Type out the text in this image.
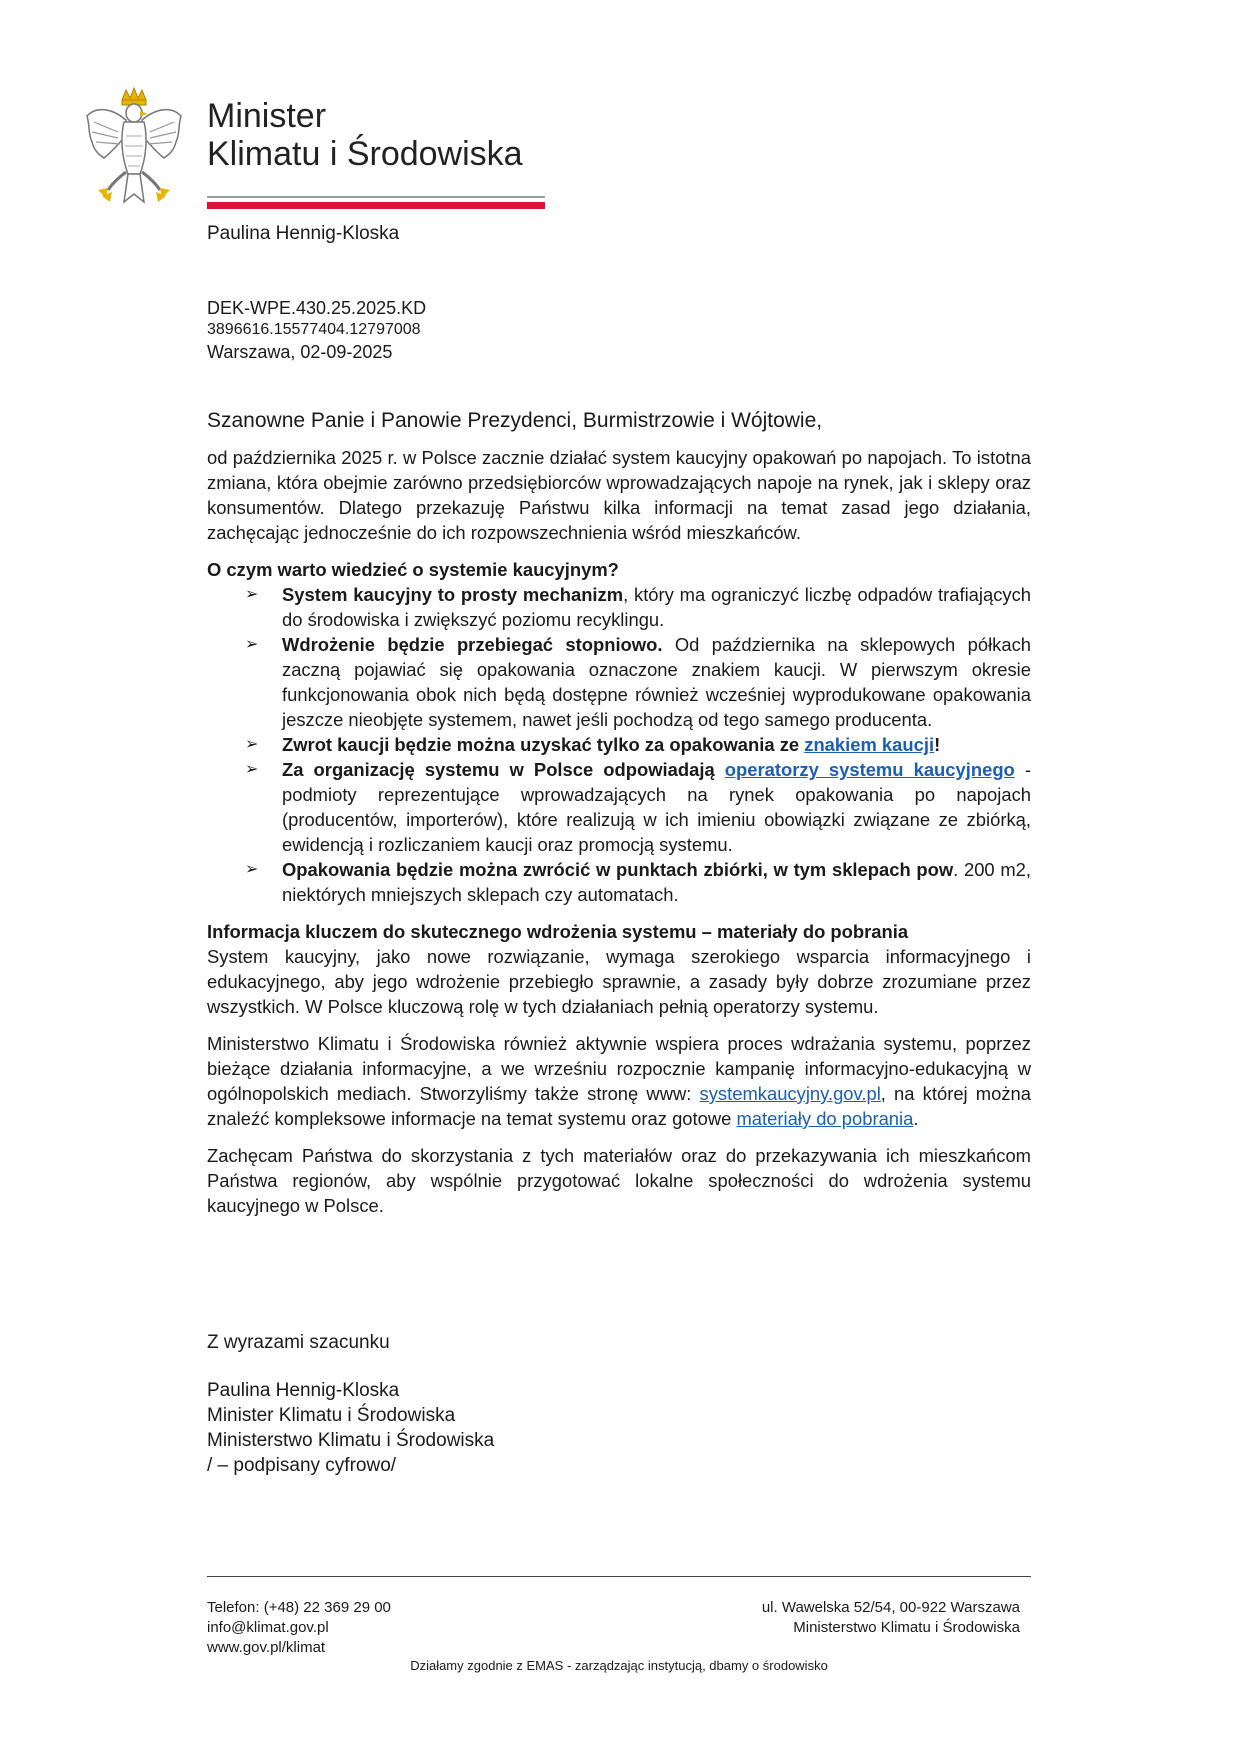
Minister
Klimatu i Środowiska
Paulina Hennig-Kloska
DEK-WPE.430.25.2025.KD
3896616.15577404.12797008
Warszawa, 02-09-2025
Szanowne Panie i Panowie Prezydenci, Burmistrzowie i Wójtowie,

od października 2025 r. w Polsce zacznie działać system kaucyjny opakowań po napojach. To istotna zmiana, która obejmie zarówno przedsiębiorców wprowadzających napoje na rynek, jak i sklepy oraz konsumentów. Dlatego przekazuję Państwu kilka informacji na temat zasad jego działania, zachęcając jednocześnie do ich rozpowszechnienia wśród mieszkańców.

O czym warto wiedzieć o systemie kaucyjnym?
➢ System kaucyjny to prosty mechanizm, który ma ograniczyć liczbę odpadów trafiających do środowiska i zwiększyć poziomu recyklingu.
➢ Wdrożenie będzie przebiegać stopniowo. Od października na sklepowych półkach zaczną pojawiać się opakowania oznaczone znakiem kaucji. W pierwszym okresie funkcjonowania obok nich będą dostępne również wcześniej wyprodukowane opakowania jeszcze nieobjęte systemem, nawet jeśli pochodzą od tego samego producenta.
➢ Zwrot kaucji będzie można uzyskać tylko za opakowania ze znakiem kaucji!
➢ Za organizację systemu w Polsce odpowiadają operatorzy systemu kaucyjnego - podmioty reprezentujące wprowadzających na rynek opakowania po napojach (producentów, importerów), które realizują w ich imieniu obowiązki związane ze zbiórką, ewidencją i rozliczaniem kaucji oraz promocją systemu.
➢ Opakowania będzie można zwrócić w punktach zbiórki, w tym sklepach pow. 200 m2, niektórych mniejszych sklepach czy automatach.
Informacja kluczem do skutecznego wdrożenia systemu – materiały do pobrania

System kaucyjny, jako nowe rozwiązanie, wymaga szerokiego wsparcia informacyjnego i edukacyjnego, aby jego wdrożenie przebiegło sprawnie, a zasady były dobrze zrozumiane przez wszystkich. W Polsce kluczową rolę w tych działaniach pełnią operatorzy systemu.

Ministerstwo Klimatu i Środowiska również aktywnie wspiera proces wdrażania systemu, poprzez bieżące działania informacyjne, a we wrześniu rozpocznie kampanię informacyjno-edukacyjną w ogólnopolskich mediach. Stworzyliśmy także stronę www: systemkaucyjny.gov.pl, na której można znaleźć kompleksowe informacje na temat systemu oraz gotowe materiały do pobrania.

Zachęcam Państwa do skorzystania z tych materiałów oraz do przekazywania ich mieszkańcom Państwa regionów, aby wspólnie przygotować lokalne społeczności do wdrożenia systemu kaucyjnego w Polsce.

Z wyrazami szacunku
Paulina Hennig-Kloska
Minister Klimatu i Środowiska
Ministerstwo Klimatu i Środowiska
/ – podpisany cyfrowo/
Telefon: (+48) 22 369 29 00
info@klimat.gov.pl
www.gov.pl/klimat
ul. Wawelska 52/54, 00-922 Warszawa
Ministerstwo Klimatu i Środowiska
Działamy zgodnie z EMAS - zarządzając instytucją, dbamy o środowisko
